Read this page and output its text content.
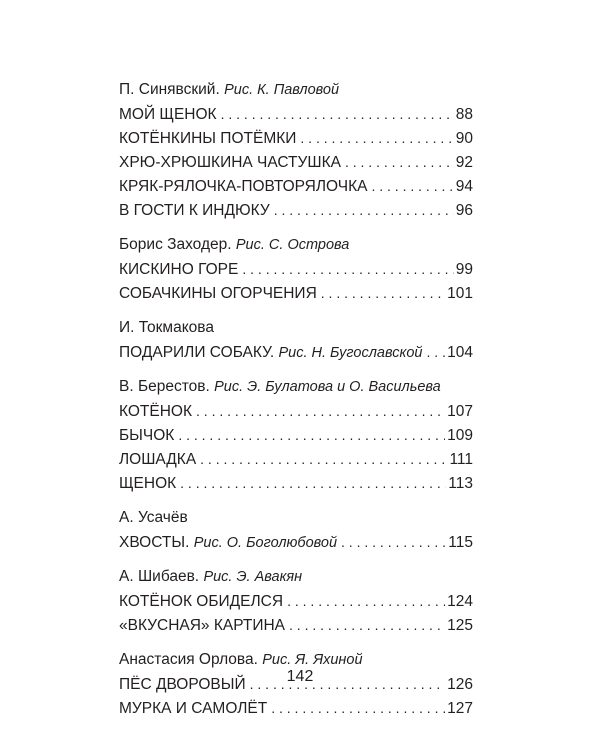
П. Синявский. Рис. К. Павловой
МОЙ ЩЕНОК . . .	88
КОТЁНКИНЫ ПОТЁМКИ . . .	90
ХРЮ-ХРЮШКИНА ЧАСТУШКА . . .	92
КРЯК-РЯЛОЧКА-ПОВТОРЯЛОЧКА . . .	94
В ГОСТИ К ИНДЮКУ . . .	96
Борис Заходер. Рис. С. Острова
КИСКИНО ГОРЕ . . .	99
СОБАЧКИНЫ ОГОРЧЕНИЯ . . .	101
И. Токмакова
ПОДАРИЛИ СОБАКУ. Рис. Н. Бугославской . . . 104
В. Берестов. Рис. Э. Булатова и О. Васильева
КОТЁНОК . . .	107
БЫЧОК . . .	109
ЛОШАДКА . . .	111
ЩЕНОК . . .	113
А. Усачёв
ХВОСТЫ. Рис. О. Боголюбовой . . .	115
А. Шибаев. Рис. Э. Авакян
КОТЁНОК ОБИДЕЛСЯ . . .	124
«ВКУСНАЯ» КАРТИНА . . .	125
Анастасия Орлова. Рис. Я. Яхиной
ПЁС ДВОРОВЫЙ . . .	126
МУРКА И САМОЛЁТ . . .	127
142
